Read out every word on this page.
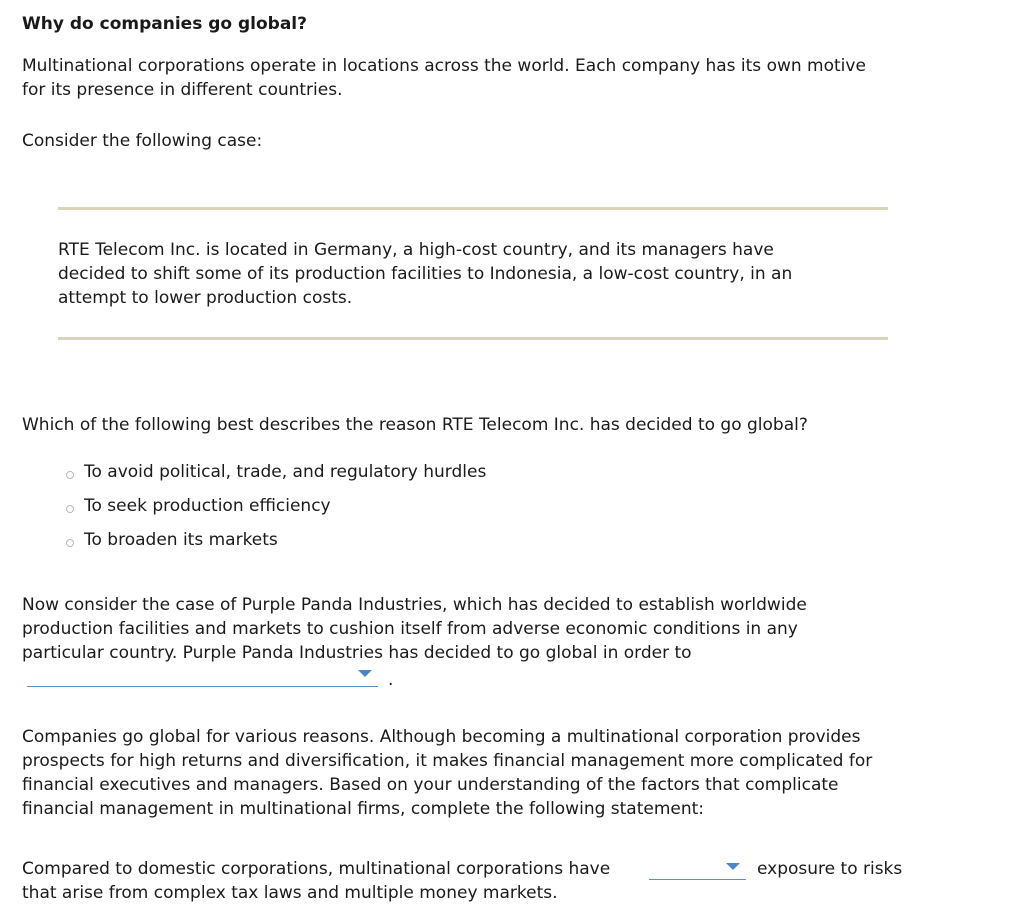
Why do companies go global?
Multinational corporations operate in locations across the world. Each company has its own motive
for its presence in different countries.
Consider the following case:
RTE Telecom Inc. is located in Germany, a high-cost country, and its managers have
decided to shift some of its production facilities to Indonesia, a low-cost country, in an
attempt to lower production costs.
Which of the following best describes the reason RTE Telecom Inc. has decided to go global?
To avoid political, trade, and regulatory hurdles
To seek production efficiency
To broaden its markets
Now consider the case of Purple Panda Industries, which has decided to establish worldwide
production facilities and markets to cushion itself from adverse economic conditions in any
particular country. Purple Panda Industries has decided to go global in order to
.
Companies go global for various reasons. Although becoming a multinational corporation provides
prospects for high returns and diversification, it makes financial management more complicated for
financial executives and managers. Based on your understanding of the factors that complicate
financial management in multinational firms, complete the following statement:
Compared to domestic corporations, multinational corporations have	exposure to risks
that arise from complex tax laws and multiple money markets.
